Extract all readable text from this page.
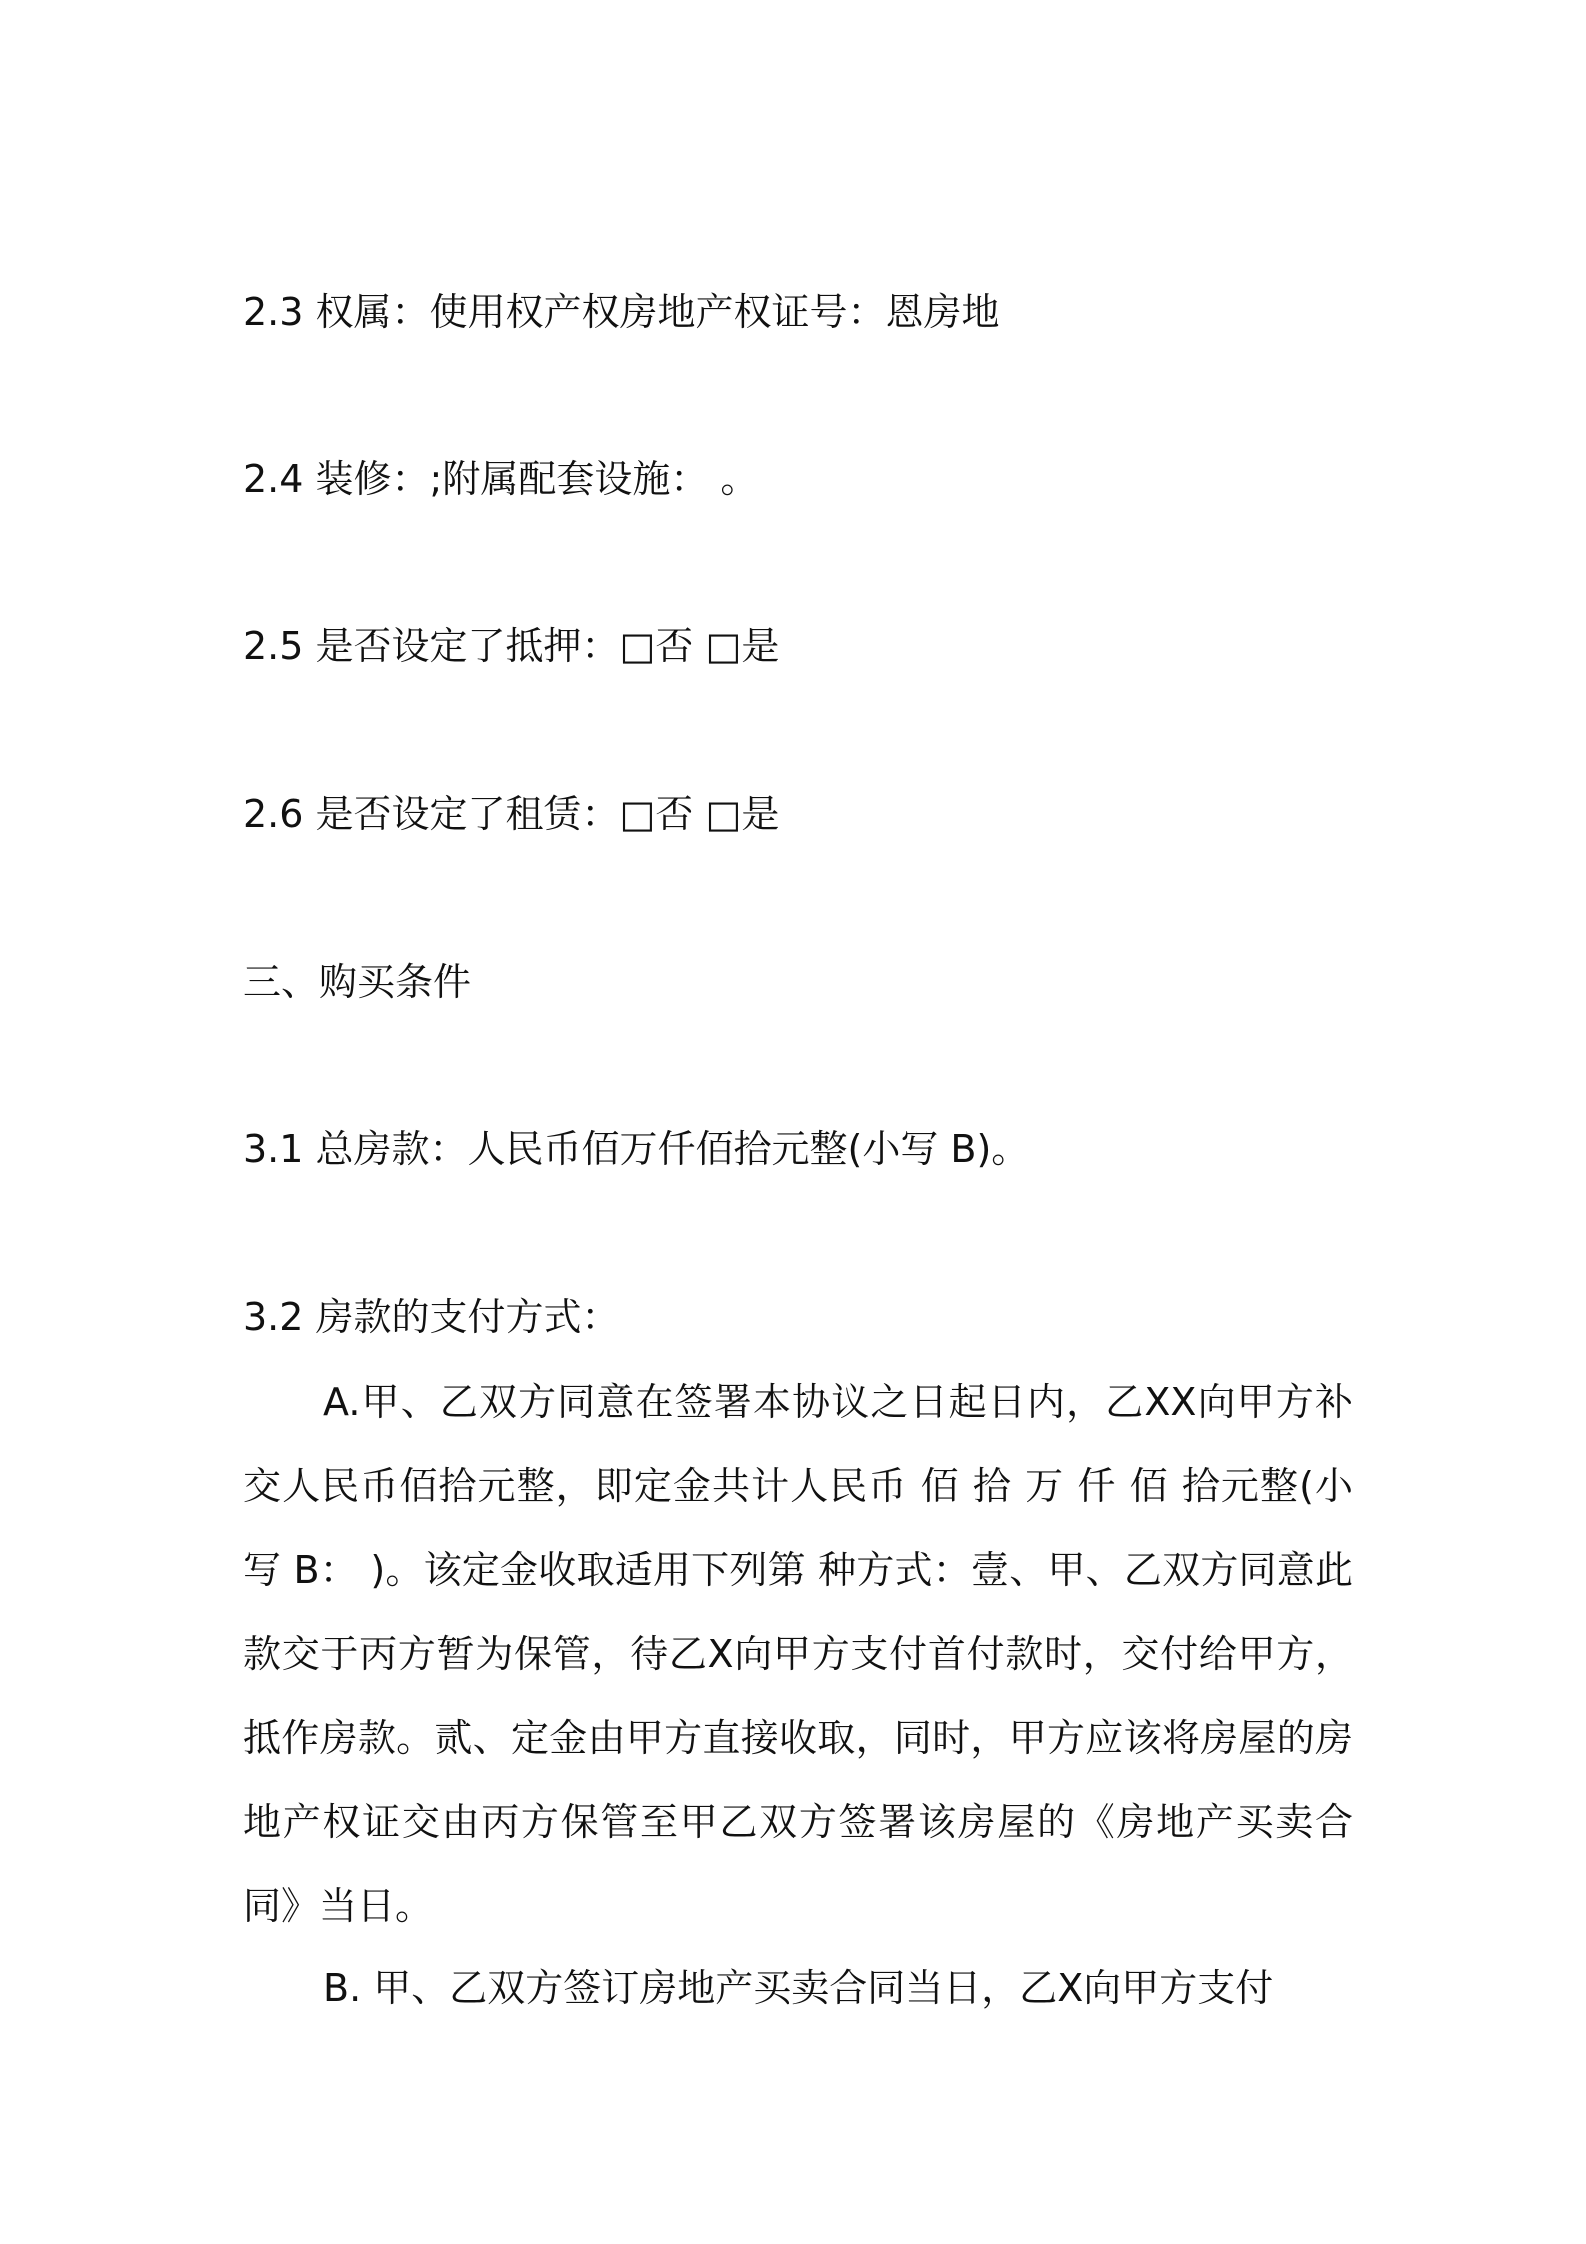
2.3 权属：使用权产权房地产权证号：恩房地
2.4 装修：;附属配套设施： 。
2.5 是否设定了抵押：□否 □是
2.6 是否设定了租赁：□否 □是
三、购买条件
3.1 总房款：人民币佰万仟佰拾元整(小写 B)。
3.2 房款的支付方式：
A.甲、乙双方同意在签署本协议之日起日内，乙XX向甲方补交人民币佰拾元整，即定金共计人民币 佰 拾 万 仟 佰 拾元整(小写 B： )。该定金收取适用下列第 种方式：壹、甲、乙双方同意此款交于丙方暂为保管，待乙X向甲方支付首付款时，交付给甲方，抵作房款。贰、定金由甲方直接收取，同时，甲方应该将房屋的房地产权证交由丙方保管至甲乙双方签署该房屋的《房地产买卖合同》当日。
B. 甲、乙双方签订房地产买卖合同当日，乙X向甲方支付
